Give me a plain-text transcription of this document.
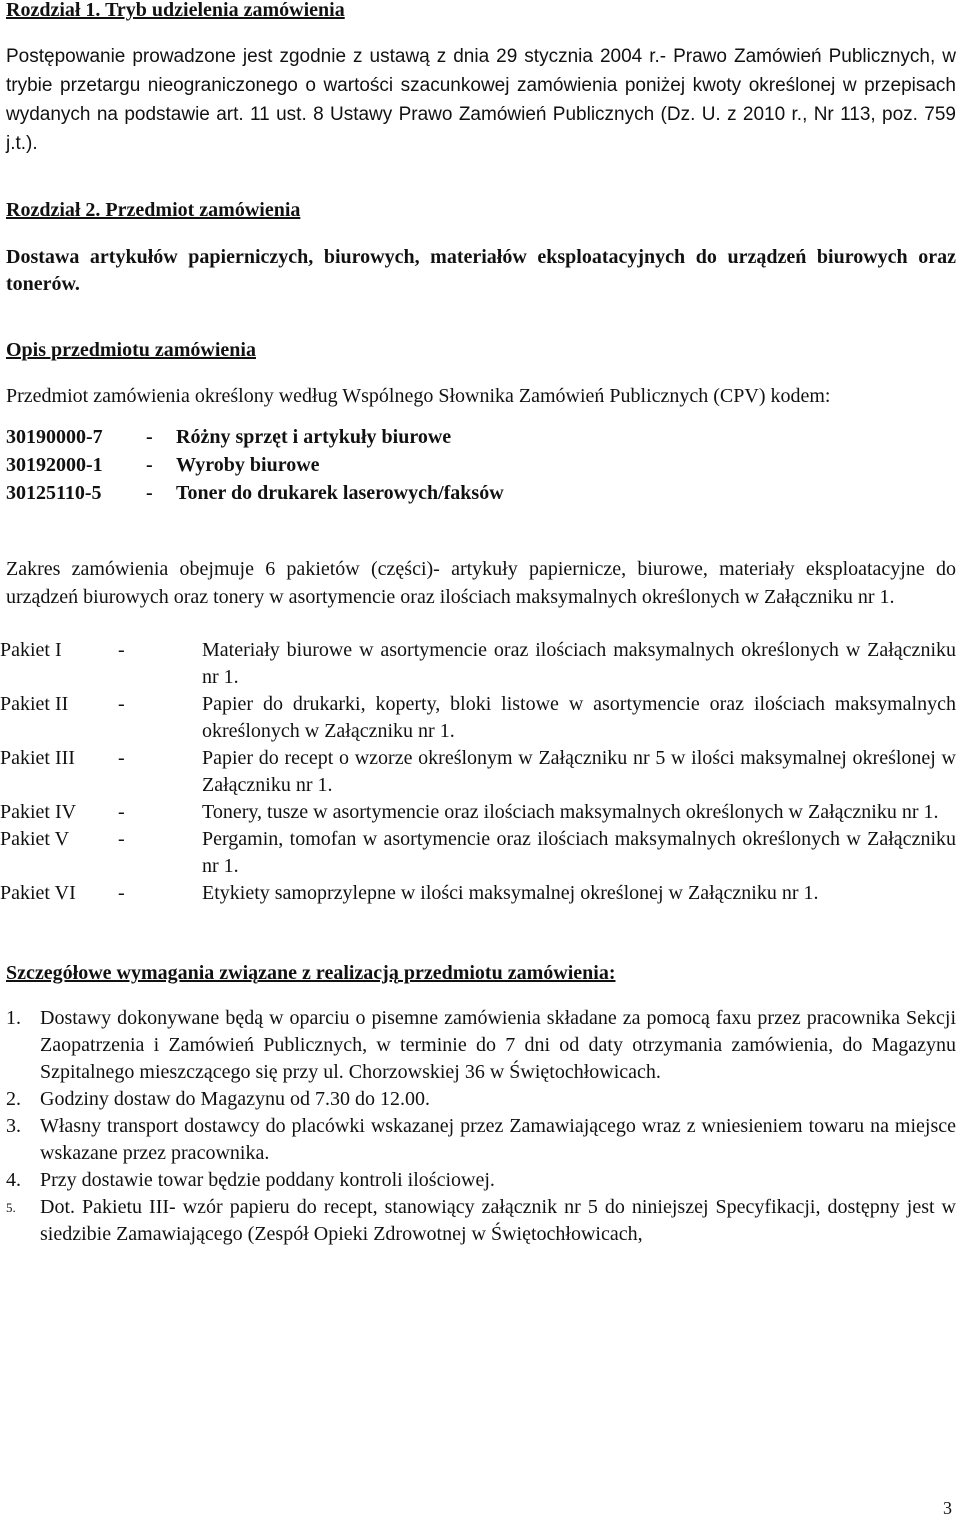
Rozdział 1. Tryb udzielenia zamówienia

Postępowanie prowadzone jest zgodnie z ustawą z dnia 29 stycznia 2004 r.- Prawo Zamówień Publicznych, w trybie przetargu nieograniczonego o wartości szacunkowej zamówienia poniżej kwoty określonej w przepisach wydanych na podstawie art. 11 ust. 8 Ustawy Prawo Zamówień Publicznych (Dz. U. z 2010 r., Nr 113, poz. 759 j.t.).

Rozdział 2. Przedmiot zamówienia

Dostawa artykułów papierniczych, biurowych, materiałów eksploatacyjnych do urządzeń biurowych oraz tonerów.

Opis przedmiotu zamówienia

Przedmiot zamówienia określony według Wspólnego Słownika Zamówień Publicznych (CPV) kodem:

30190000-7	-	Różny sprzęt i artykuły biurowe
30192000-1	-	Wyroby biurowe
30125110-5	-	Toner do drukarek laserowych/faksów

Zakres zamówienia obejmuje 6 pakietów (części)- artykuły papiernicze, biurowe, materiały eksploatacyjne do urządzeń biurowych oraz tonery w asortymencie oraz ilościach maksymalnych określonych w Załączniku nr 1.

Pakiet I	-	Materiały biurowe w asortymencie oraz ilościach maksymalnych określonych w Załączniku nr 1.
Pakiet II	-	Papier do drukarki, koperty, bloki listowe w asortymencie oraz ilościach maksymalnych określonych w Załączniku nr 1.
Pakiet III	-	Papier do recept o wzorze określonym w Załączniku nr 5 w ilości maksymalnej określonej w Załączniku nr 1.
Pakiet IV	-	Tonery, tusze w asortymencie oraz ilościach maksymalnych określonych w Załączniku nr 1.
Pakiet V	-	Pergamin, tomofan w asortymencie oraz ilościach maksymalnych określonych w Załączniku nr 1.
Pakiet VI	-	Etykiety samoprzylepne w ilości maksymalnej określonej w Załączniku nr 1.

Szczegółowe wymagania związane z realizacją przedmiotu zamówienia:

1. Dostawy dokonywane będą w oparciu o pisemne zamówienia składane za pomocą faxu przez pracownika Sekcji Zaopatrzenia i Zamówień Publicznych, w terminie do 7 dni od daty otrzymania zamówienia, do Magazynu Szpitalnego mieszczącego się przy ul. Chorzowskiej 36 w Świętochłowicach.
2. Godziny dostaw do Magazynu od 7.30 do 12.00.
3. Własny transport dostawcy do placówki wskazanej przez Zamawiającego wraz z wniesieniem towaru na miejsce wskazane przez pracownika.
4. Przy dostawie towar będzie poddany kontroli ilościowej.
5.	Dot. Pakietu III- wzór papieru do recept, stanowiący załącznik nr 5 do niniejszej Specyfikacji, dostępny jest w siedzibie Zamawiającego (Zespół Opieki Zdrowotnej w Świętochłowicach,
3
